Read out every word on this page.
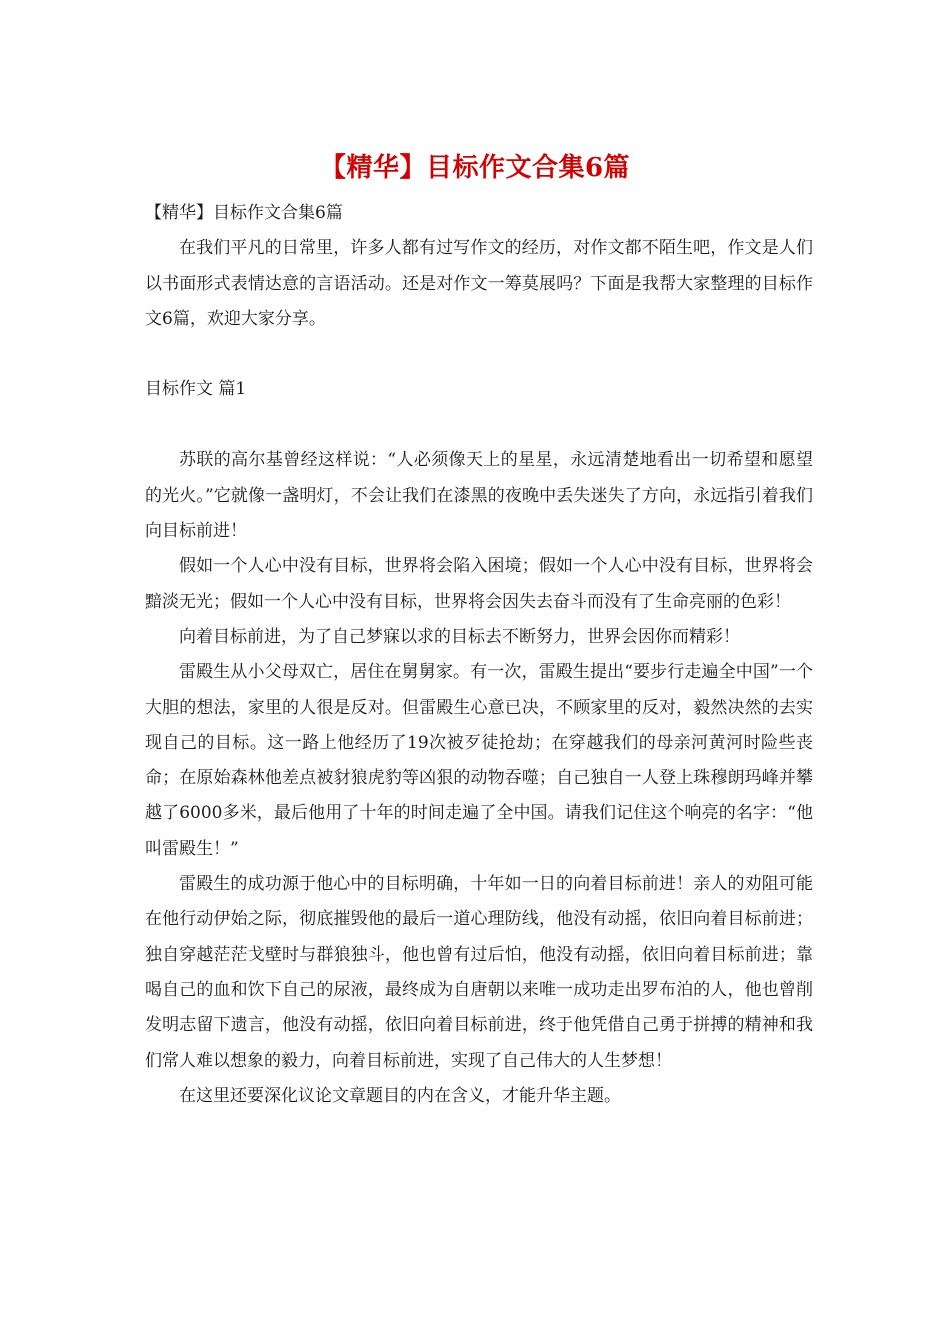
【精华】目标作文合集6篇

【精华】目标作文合集6篇

在我们平凡的日常里，许多人都有过写作文的经历，对作文都不陌生吧，作文是人们以书面形式表情达意的言语活动。还是对作文一筹莫展吗？下面是我帮大家整理的目标作文6篇，欢迎大家分享。

目标作文 篇1

苏联的高尔基曾经这样说：“人必须像天上的星星，永远清楚地看出一切希望和愿望的光火。”它就像一盏明灯，不会让我们在漆黑的夜晚中丢失迷失了方向，永远指引着我们向目标前进！

假如一个人心中没有目标，世界将会陷入困境；假如一个人心中没有目标，世界将会黯淡无光；假如一个人心中没有目标，世界将会因失去奋斗而没有了生命亮丽的色彩！

向着目标前进，为了自己梦寐以求的目标去不断努力，世界会因你而精彩！

雷殿生从小父母双亡，居住在舅舅家。有一次，雷殿生提出“要步行走遍全中国”一个大胆的想法，家里的人很是反对。但雷殿生心意已决，不顾家里的反对，毅然决然的去实现自己的目标。这一路上他经历了19次被歹徒抢劫；在穿越我们的母亲河黄河时险些丧命；在原始森林他差点被豺狼虎豹等凶狠的动物吞噬；自己独自一人登上珠穆朗玛峰并攀越了6000多米，最后他用了十年的时间走遍了全中国。请我们记住这个响亮的名字：“他叫雷殿生！”

雷殿生的成功源于他心中的目标明确，十年如一日的向着目标前进！亲人的劝阻可能在他行动伊始之际，彻底摧毁他的最后一道心理防线，他没有动摇，依旧向着目标前进；独自穿越茫茫戈壁时与群狼独斗，他也曾有过后怕，他没有动摇，依旧向着目标前进；靠喝自己的血和饮下自己的尿液，最终成为自唐朝以来唯一成功走出罗布泊的人，他也曾削发明志留下遗言，他没有动摇，依旧向着目标前进，终于他凭借自己勇于拼搏的精神和我们常人难以想象的毅力，向着目标前进，实现了自己伟大的人生梦想！

在这里还要深化议论文章题目的内在含义，才能升华主题。
